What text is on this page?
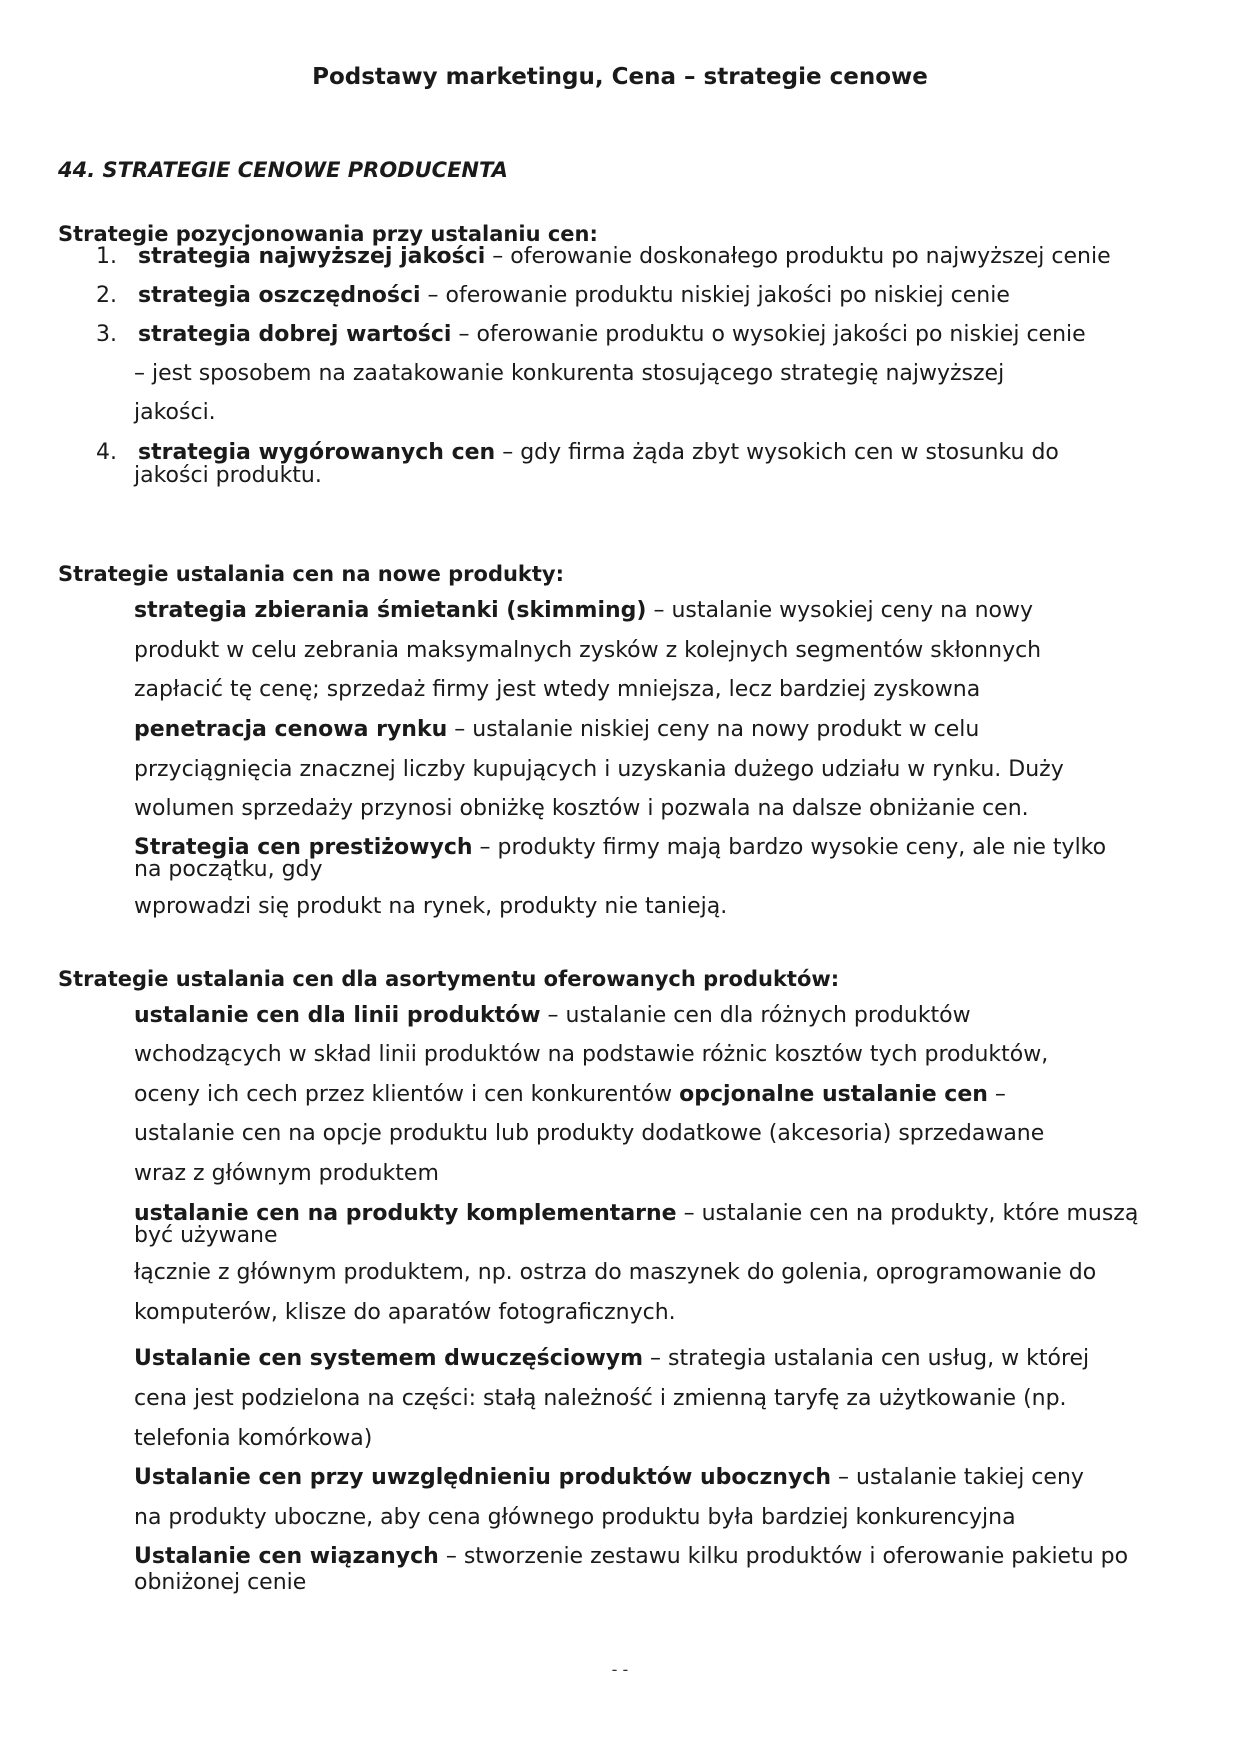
Podstawy marketingu, Cena – strategie cenowe
44. STRATEGIE CENOWE PRODUCENTA
Strategie pozycjonowania przy ustalaniu cen:
1. strategia najwyższej jakości – oferowanie doskonałego produktu po najwyższej cenie

2. strategia oszczędności – oferowanie produktu niskiej jakości po niskiej cenie

3. strategia dobrej wartości – oferowanie produktu o wysokiej jakości po niskiej cenie

– jest sposobem na zaatakowanie konkurenta stosującego strategię najwyższej

jakości.

4. strategia wygórowanych cen – gdy firma żąda zbyt wysokich cen w stosunku do

jakości produktu.

Strategie ustalania cen na nowe produkty:

strategia zbierania śmietanki (skimming) – ustalanie wysokiej ceny na nowy

produkt w celu zebrania maksymalnych zysków z kolejnych segmentów skłonnych

zapłacić tę cenę; sprzedaż firmy jest wtedy mniejsza, lecz bardziej zyskowna

penetracja cenowa rynku – ustalanie niskiej ceny na nowy produkt w celu

przyciągnięcia znacznej liczby kupujących i uzyskania dużego udziału w rynku. Duży

wolumen sprzedaży przynosi obniżkę kosztów i pozwala na dalsze obniżanie cen.

Strategia cen prestiżowych – produkty firmy mają bardzo wysokie ceny, ale nie tylko

na początku, gdy

wprowadzi się produkt na rynek, produkty nie tanieją.

Strategie ustalania cen dla asortymentu oferowanych produktów:

ustalanie cen dla linii produktów – ustalanie cen dla różnych produktów

wchodzących w skład linii produktów na podstawie różnic kosztów tych produktów,

oceny ich cech przez klientów i cen konkurentów opcjonalne ustalanie cen –

ustalanie cen na opcje produktu lub produkty dodatkowe (akcesoria) sprzedawane

wraz z głównym produktem

ustalanie cen na produkty komplementarne – ustalanie cen na produkty, które muszą

być używane

łącznie z głównym produktem, np. ostrza do maszynek do golenia, oprogramowanie do

komputerów, klisze do aparatów fotograficznych.

Ustalanie cen systemem dwuczęściowym – strategia ustalania cen usług, w której

cena jest podzielona na części: stałą należność i zmienną taryfę za użytkowanie (np.

telefonia komórkowa)

Ustalanie cen przy uwzględnieniu produktów ubocznych – ustalanie takiej ceny

na produkty uboczne, aby cena głównego produktu była bardziej konkurencyjna

Ustalanie cen wiązanych – stworzenie zestawu kilku produktów i oferowanie pakietu po

obniżonej cenie

- -
